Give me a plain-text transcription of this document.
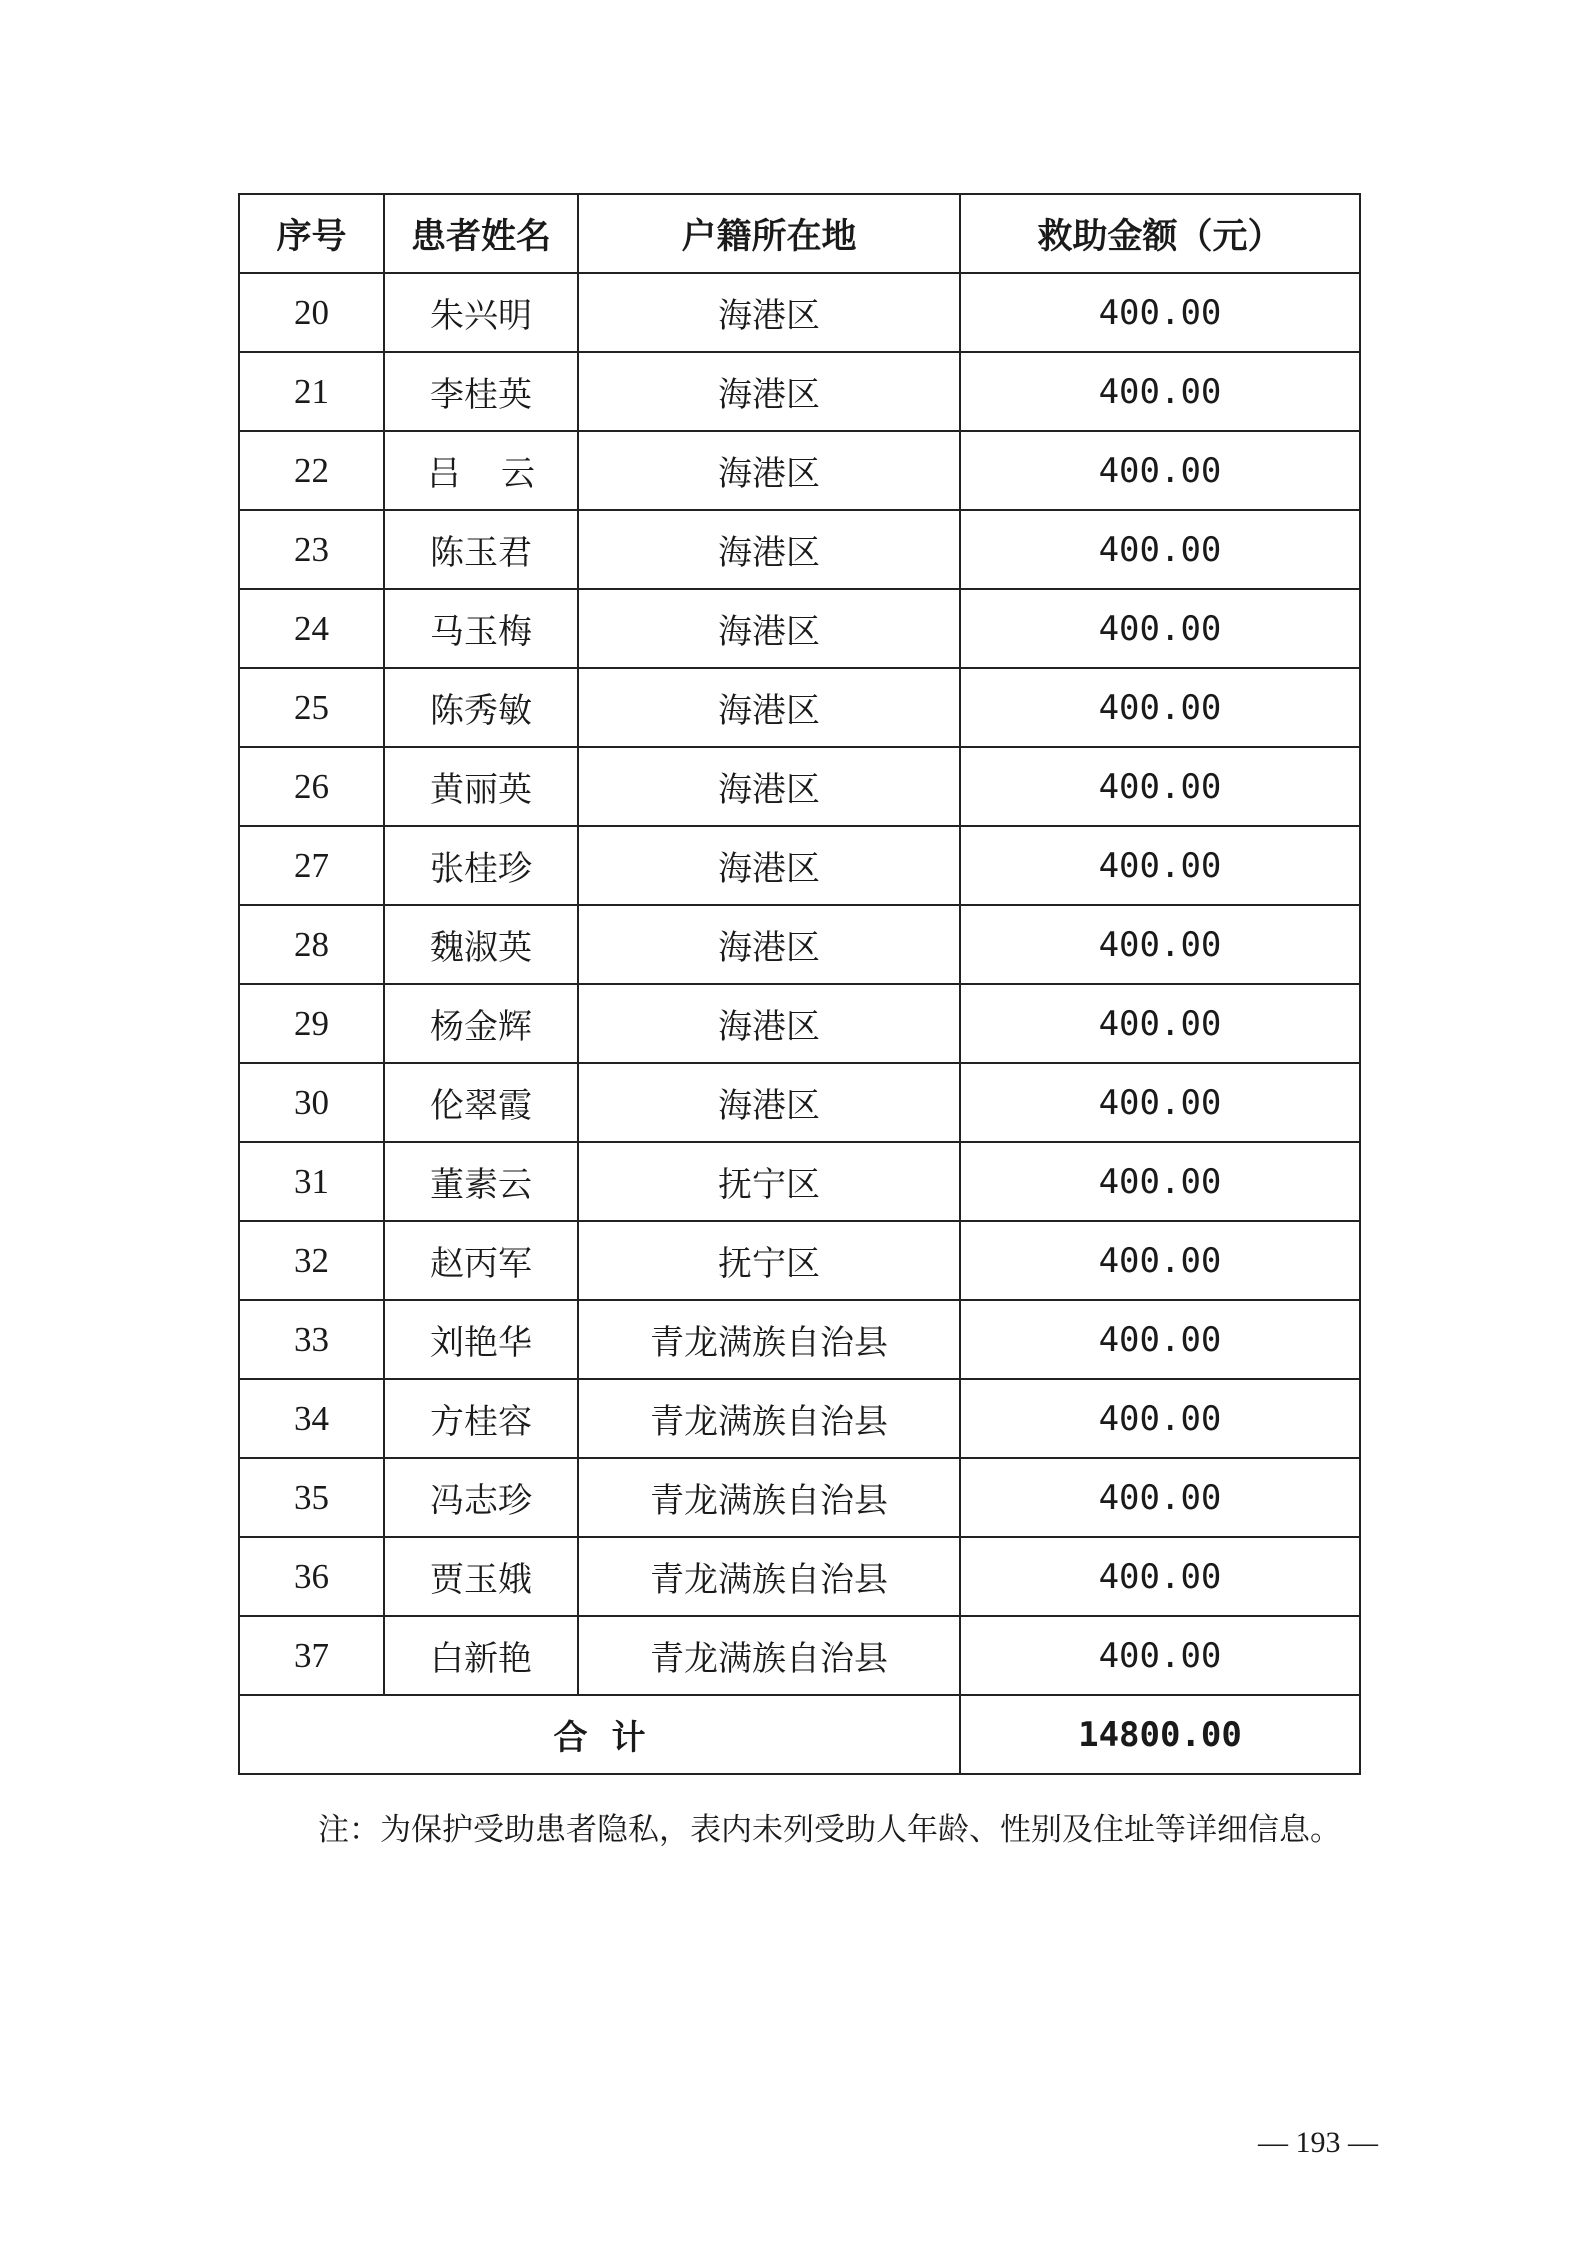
序号	患者姓名	户籍所在地	救助金额（元）
20	朱兴明	海港区	400.00
21	李桂英	海港区	400.00
22	吕云	海港区	400.00
23	陈玉君	海港区	400.00
24	马玉梅	海港区	400.00
25	陈秀敏	海港区	400.00
26	黄丽英	海港区	400.00
27	张桂珍	海港区	400.00
28	魏淑英	海港区	400.00
29	杨金辉	海港区	400.00
30	伦翠霞	海港区	400.00
31	董素云	抚宁区	400.00
32	赵丙军	抚宁区	400.00
33	刘艳华	青龙满族自治县	400.00
34	方桂容	青龙满族自治县	400.00
35	冯志珍	青龙满族自治县	400.00
36	贾玉娥	青龙满族自治县	400.00
37	白新艳	青龙满族自治县	400.00
合计			14800.00
注：为保护受助患者隐私，表内未列受助人年龄、性别及住址等详细信息。
— 193 —
